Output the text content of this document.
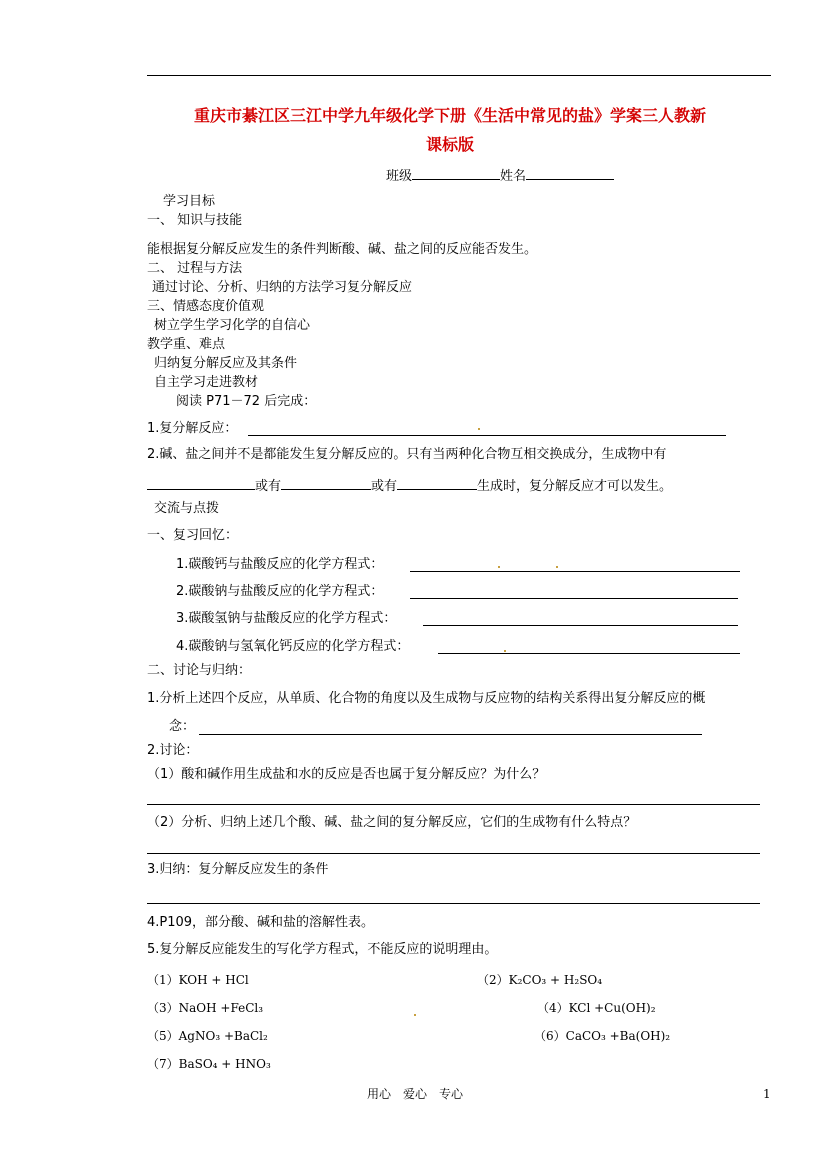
重庆市綦江区三江中学九年级化学下册《生活中常见的盐》学案三人教新
课标版
班级	姓名
学习目标
一、 知识与技能
能根据复分解反应发生的条件判断酸、碱、盐之间的反应能否发生。
二、 过程与方法
通过讨论、分析、归纳的方法学习复分解反应
三、情感态度价值观
树立学生学习化学的自信心
教学重、难点
归纳复分解反应及其条件
自主学习走进教材
阅读 P71－72 后完成：
1.复分解反应：
2.碱、盐之间并不是都能发生复分解反应的。只有当两种化合物互相交换成分，生成物中有
或有	或有	生成时，复分解反应才可以发生。
交流与点拨
一、复习回忆：
1.碳酸钙与盐酸反应的化学方程式：
2.碳酸钠与盐酸反应的化学方程式：
3.碳酸氢钠与盐酸反应的化学方程式：
4.碳酸钠与氢氧化钙反应的化学方程式：
二、讨论与归纳：
1.分析上述四个反应，从单质、化合物的角度以及生成物与反应物的结构关系得出复分解反应的概
念：
2.讨论：
（1）酸和碱作用生成盐和水的反应是否也属于复分解反应？为什么？
（2）分析、归纳上述几个酸、碱、盐之间的复分解反应，它们的生成物有什么特点？
3.归纳：复分解反应发生的条件
4.P109，部分酸、碱和盐的溶解性表。
5.复分解反应能发生的写化学方程式，不能反应的说明理由。
（1）KOH + HCl	（2）K₂CO₃ + H₂SO₄
（3）NaOH +FeCl₃	（4）KCl +Cu(OH)₂
（5）AgNO₃ +BaCl₂	（6）CaCO₃ +Ba(OH)₂
（7）BaSO₄ + HNO₃
用心　爱心　专心	1
